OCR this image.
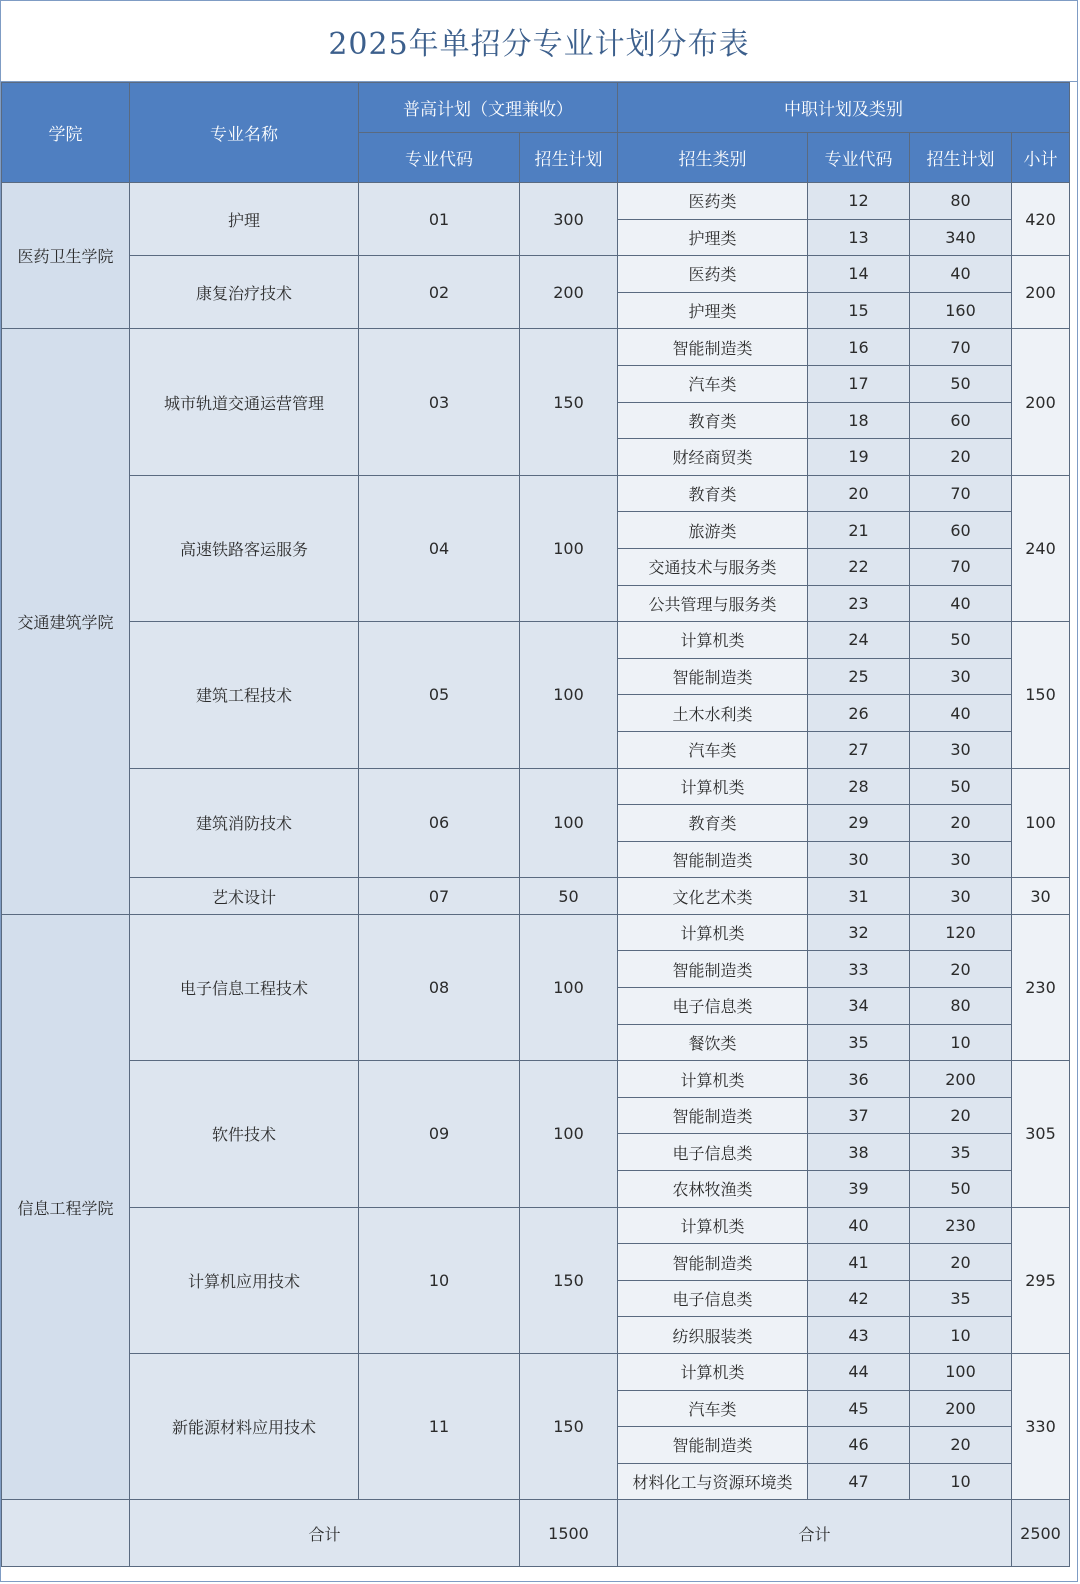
2025年单招分专业计划分布表
学院	专业名称	普高计划（文理兼收）		中职计划及类别			
		专业代码	招生计划	招生类别	专业代码	招生计划	小计
医药卫生学院	护理	01	300	医药类	12	80	420
				护理类	13	340	
	康复治疗技术	02	200	医药类	14	40	200
				护理类	15	160	
交通建筑学院	城市轨道交通运营管理	03	150	智能制造类	16	70	200
				汽车类	17	50	
				教育类	18	60	
				财经商贸类	19	20	
	高速铁路客运服务	04	100	教育类	20	70	240
				旅游类	21	60	
				交通技术与服务类	22	70	
				公共管理与服务类	23	40	
	建筑工程技术	05	100	计算机类	24	50	150
				智能制造类	25	30	
				土木水利类	26	40	
				汽车类	27	30	
	建筑消防技术	06	100	计算机类	28	50	100
				教育类	29	20	
				智能制造类	30	30	
	艺术设计	07	50	文化艺术类	31	30	30
信息工程学院	电子信息工程技术	08	100	计算机类	32	120	230
				智能制造类	33	20	
				电子信息类	34	80	
				餐饮类	35	10	
	软件技术	09	100	计算机类	36	200	305
				智能制造类	37	20	
				电子信息类	38	35	
				农林牧渔类	39	50	
	计算机应用技术	10	150	计算机类	40	230	295
				智能制造类	41	20	
				电子信息类	42	35	
				纺织服装类	43	10	
	新能源材料应用技术	11	150	计算机类	44	100	330
				汽车类	45	200	
				智能制造类	46	20	
				材料化工与资源环境类	47	10	
	合计		1500	合计			2500
